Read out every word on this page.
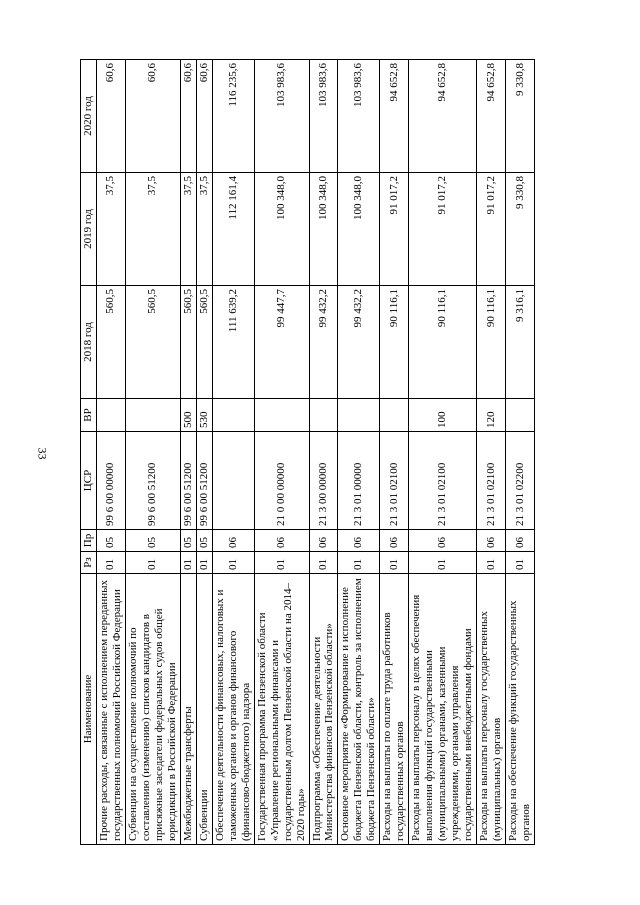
33
Наименование	Рз	Пр	ЦСР	ВР	2018 год	2019 год	2020 год
Прочие расходы, связанные с исполнением переданных государственных полномочий Российской Федерации	01	05	99 6 00 00000		560,5	37,5	60,6
Субвенции на осуществление полномочий по составлению (изменению) списков кандидатов в присяжные заседатели федеральных судов общей юрисдикции в Российской Федерации	01	05	99 6 00 51200		560,5	37,5	60,6
Межбюджетные трансферты	01	05	99 6 00 51200	500	560,5	37,5	60,6
Субвенции	01	05	99 6 00 51200	530	560,5	37,5	60,6
Обеспечение деятельности финансовых, налоговых и таможенных органов и органов финансового (финансово-бюджетного) надзора	01	06			111 639,2	112 161,4	116 235,6
Государственная программа Пензенской области «Управление региональными финансами и государственным долгом Пензенской области на 2014–2020 годы»	01	06	21 0 00 00000		99 447,7	100 348,0	103 983,6
Подпрограмма «Обеспечение деятельности Министерства финансов Пензенской области»	01	06	21 3 00 00000		99 432,2	100 348,0	103 983,6
Основное мероприятие «Формирование и исполнение бюджета Пензенской области, контроль за исполнением бюджета Пензенской области»	01	06	21 3 01 00000		99 432,2	100 348,0	103 983,6
Расходы на выплаты по оплате труда работников государственных органов	01	06	21 3 01 02100		90 116,1	91 017,2	94 652,8
Расходы на выплаты персоналу в целях обеспечения выполнения функций государственными (муниципальными) органами, казенными учреждениями, органами управления государственными внебюджетными фондами	01	06	21 3 01 02100	100	90 116,1	91 017,2	94 652,8
Расходы на выплаты персоналу государственных (муниципальных) органов	01	06	21 3 01 02100	120	90 116,1	91 017,2	94 652,8
Расходы на обеспечение функций государственных органов	01	06	21 3 01 02200		9 316,1	9 330,8	9 330,8
